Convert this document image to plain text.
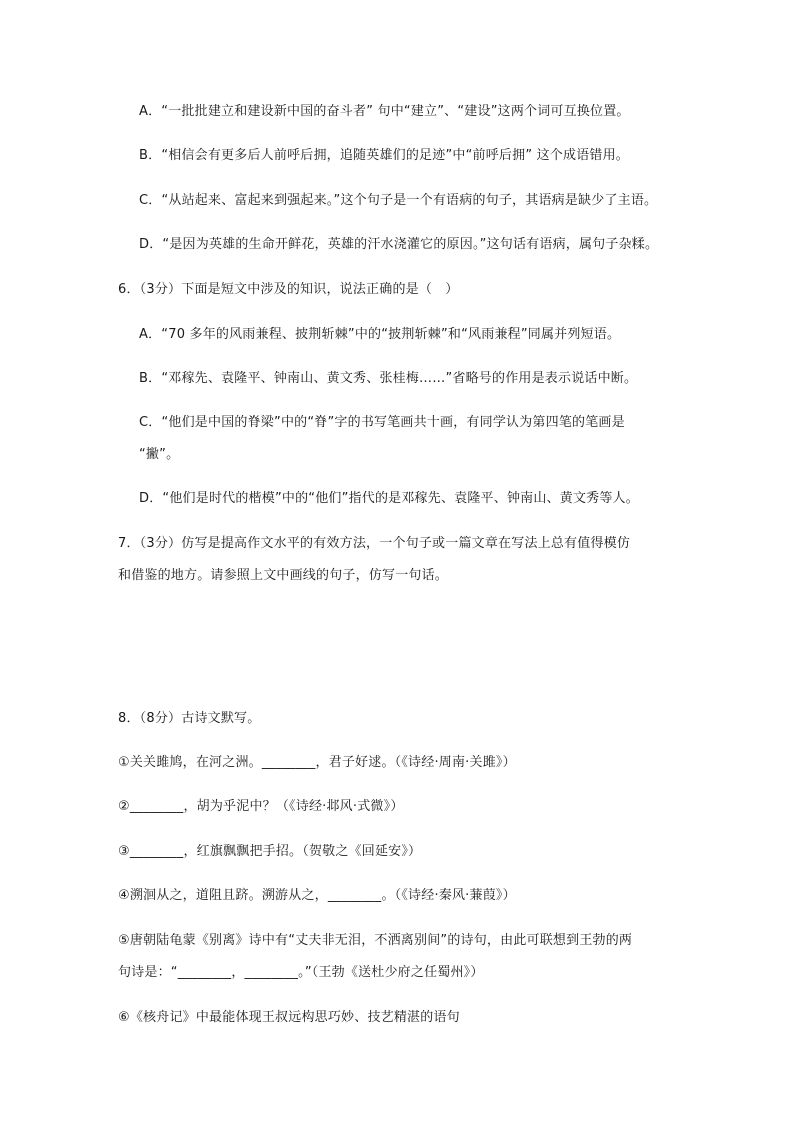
A．“一批批建立和建设新中国的奋斗者” 句中“建立”、“建设”这两个词可互换位置。
B．“相信会有更多后人前呼后拥，追随英雄们的足迹”中“前呼后拥” 这个成语错用。
C．“从站起来、富起来到强起来。”这个句子是一个有语病的句子，其语病是缺少了主语。
D．“是因为英雄的生命开鲜花，英雄的汗水浇灌它的原因。”这句话有语病，属句子杂糅。
6．（3分）下面是短文中涉及的知识，说法正确的是（　）
A．“70 多年的风雨兼程、披荆斩棘”中的“披荆斩棘”和“风雨兼程”同属并列短语。
B．“邓稼先、袁隆平、钟南山、黄文秀、张桂梅……”省略号的作用是表示说话中断。
C．“他们是中国的脊梁”中的“脊”字的书写笔画共十画，有同学认为第四笔的笔画是
“撇”。
D．“他们是时代的楷模”中的“他们”指代的是邓稼先、袁隆平、钟南山、黄文秀等人。
7．（3分）仿写是提高作文水平的有效方法，一个句子或一篇文章在写法上总有值得模仿
和借鉴的地方。请参照上文中画线的句子，仿写一句话。
8．（8分）古诗文默写。
①关关雎鸠，在河之洲。________，君子好逑。（《诗经·周南·关雎》）
②________，胡为乎泥中？（《诗经·邶风·式微》）
③________，红旗飘飘把手招。（贺敬之《回延安》）
④溯洄从之，道阻且跻。溯游从之，________。（《诗经·秦风·蒹葭》）
⑤唐朝陆龟蒙《别离》诗中有“丈夫非无泪，不洒离别间”的诗句，由此可联想到王勃的两
句诗是：“________，________。”（王勃《送杜少府之任蜀州》）
⑥《核舟记》中最能体现王叔远构思巧妙、技艺精湛的语句
